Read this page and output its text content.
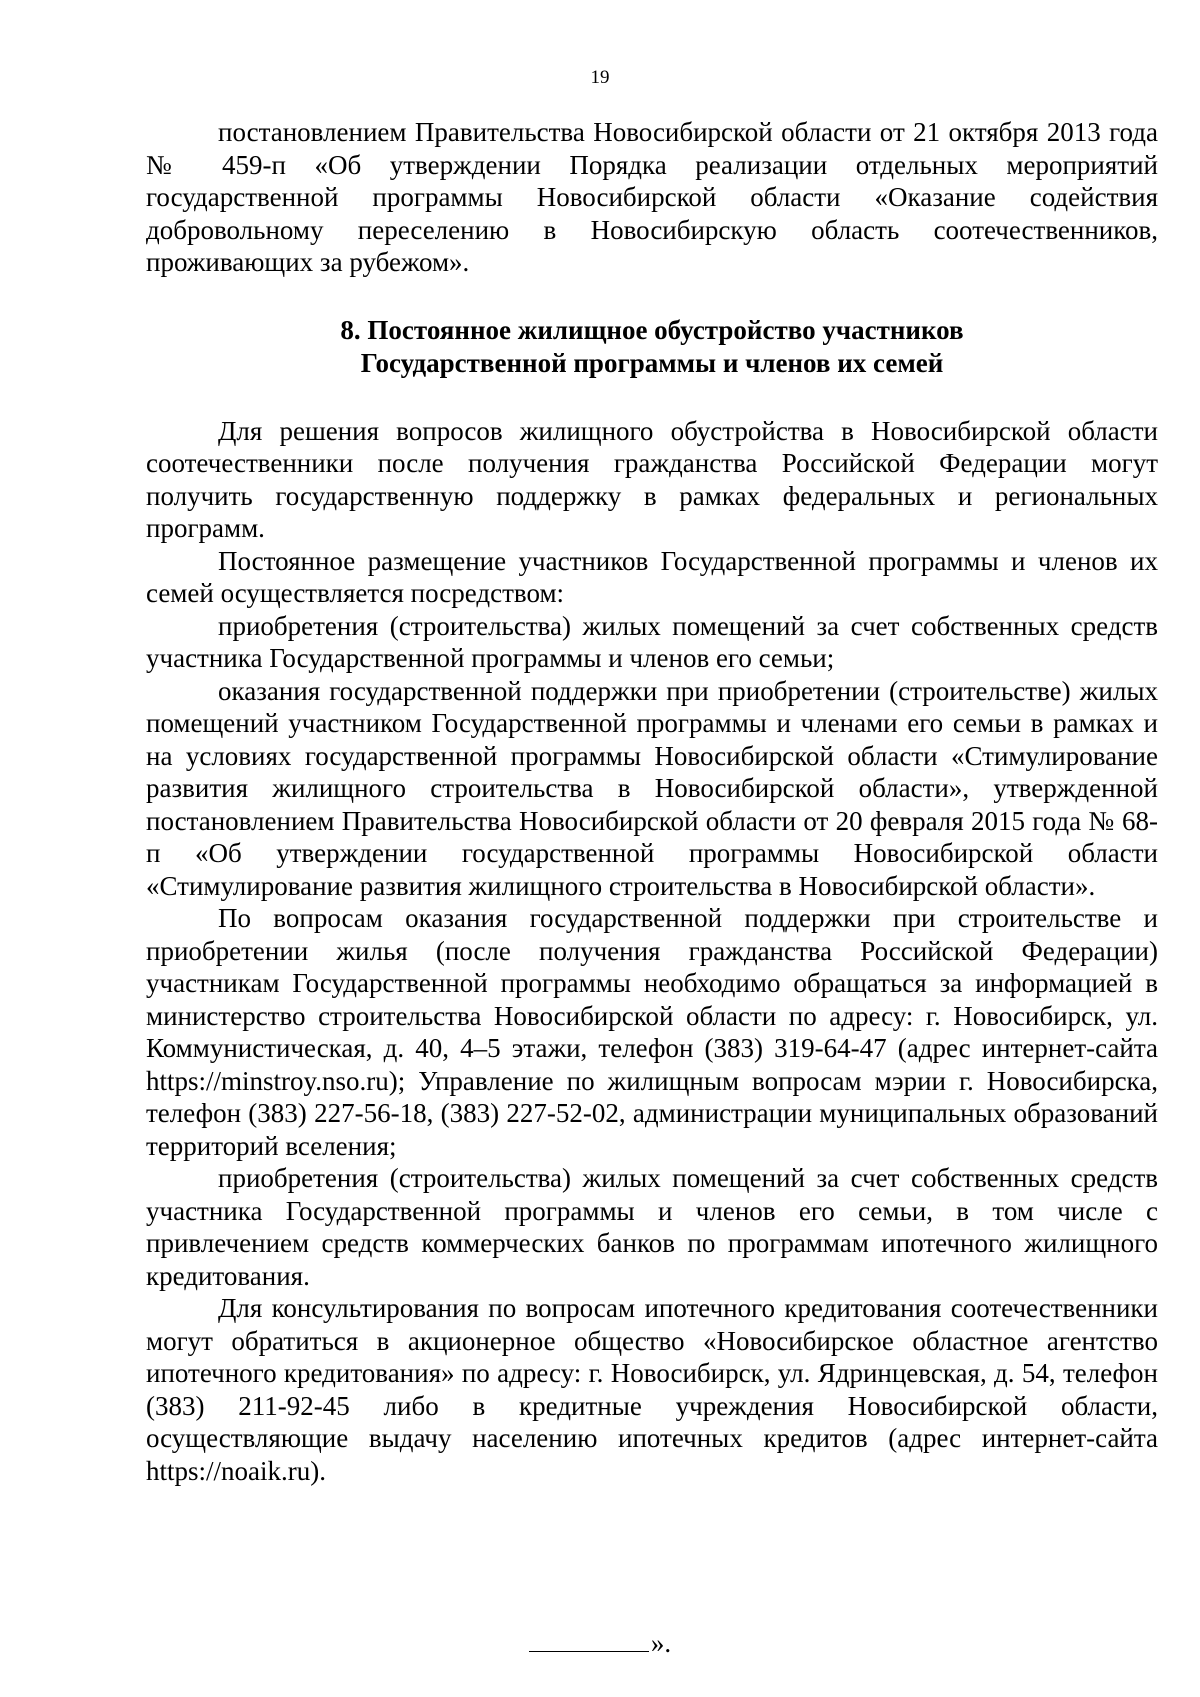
19

постановлением Правительства Новосибирской области от 21 октября 2013 года № 459-п «Об утверждении Порядка реализации отдельных мероприятий государственной программы Новосибирской области «Оказание содействия добровольному переселению в Новосибирскую область соотечественников, проживающих за рубежом».

8. Постоянное жилищное обустройство участников
Государственной программы и членов их семей

Для решения вопросов жилищного обустройства в Новосибирской области соотечественники после получения гражданства Российской Федерации могут получить государственную поддержку в рамках федеральных и региональных программ.

Постоянное размещение участников Государственной программы и членов их семей осуществляется посредством:

приобретения (строительства) жилых помещений за счет собственных средств участника Государственной программы и членов его семьи;

оказания государственной поддержки при приобретении (строительстве) жилых помещений участником Государственной программы и членами его семьи в рамках и на условиях государственной программы Новосибирской области «Стимулирование развития жилищного строительства в Новосибирской области», утвержденной постановлением Правительства Новосибирской области от 20 февраля 2015 года № 68-п «Об утверждении государственной программы Новосибирской области «Стимулирование развития жилищного строительства в Новосибирской области».

По вопросам оказания государственной поддержки при строительстве и приобретении жилья (после получения гражданства Российской Федерации) участникам Государственной программы необходимо обращаться за информацией в министерство строительства Новосибирской области по адресу: г. Новосибирск, ул. Коммунистическая, д. 40, 4–5 этажи, телефон (383) 319-64-47 (адрес интернет-сайта https://minstroy.nso.ru); Управление по жилищным вопросам мэрии г. Новосибирска, телефон (383) 227-56-18, (383) 227-52-02, администрации муниципальных образований территорий вселения;

приобретения (строительства) жилых помещений за счет собственных средств участника Государственной программы и членов его семьи, в том числе с привлечением средств коммерческих банков по программам ипотечного жилищного кредитования.

Для консультирования по вопросам ипотечного кредитования соотечественники могут обратиться в акционерное общество «Новосибирское областное агентство ипотечного кредитования» по адресу: г. Новосибирск, ул. Ядринцевская, д. 54, телефон (383) 211-92-45 либо в кредитные учреждения Новосибирской области, осуществляющие выдачу населению ипотечных кредитов (адрес интернет-сайта https://noaik.ru).

».
